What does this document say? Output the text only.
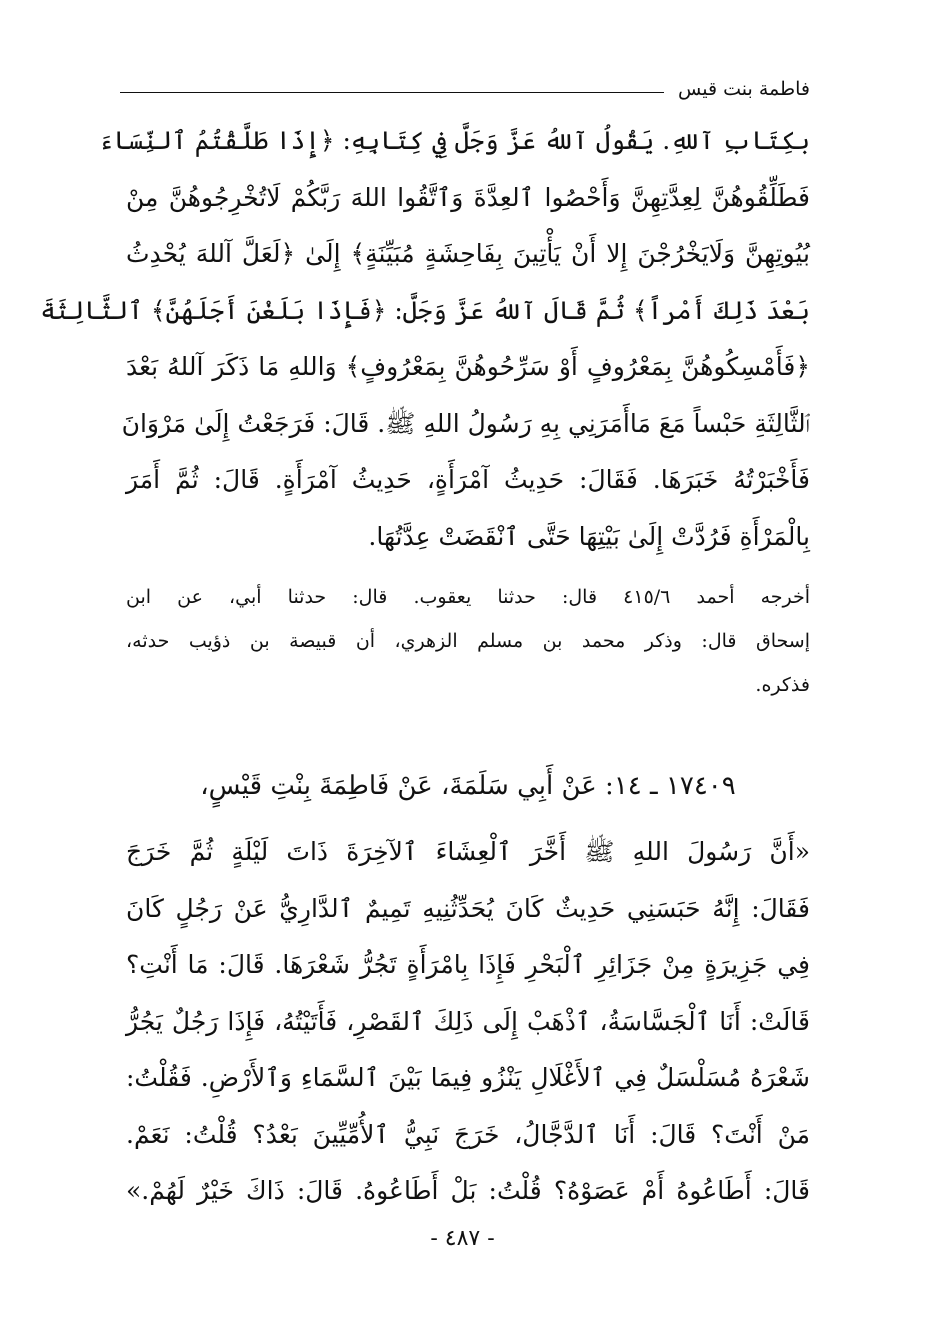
فاطمة بنت قيس
بكِتَابِ آللهِ. يَقُولُ آللهُ عَزَّ وَجَلَّ فِي كِتَابِهِ: ﴿إِذَا طَلَّقْتُمُ ٱلنِّسَاءَ
فَطَلِّقُوهُنَّ لِعِدَّتِهِنَّ وَأَحْصُوا ٱلعِدَّةَ وَٱتَّقُوا اللهَ رَبَّكُمْ لَاتُخْرِجُوهُنَّ مِنْ
بُيُوتِهِنَّ وَلَايَخْرُجْنَ إِلا أَنْ يَأْتِينَ بِفَاحِشَةٍ مُبَيِّنَةٍ﴾ إِلَىٰ ﴿لَعَلَّ آللهَ يُحْدِثُ
بَعْدَ ذَلِكَ أَمْراً﴾ ثُمَّ قَالَ آللهُ عَزَّ وَجَلَّ: ﴿فَإِذَا بَلَغْنَ أَجَلَهُنَّ﴾ ٱلثَّالِثَةَ
﴿فَأَمْسِكُوهُنَّ بِمَعْرُوفٍ أَوْ سَرِّحُوهُنَّ بِمَعْرُوفٍ﴾ وَاللهِ مَا ذَكَرَ آللهُ بَعْدَ
ٱلثَّالِثَةِ حَبْساً مَعَ مَاأَمَرَنِي بِهِ رَسُولُ اللهِ ﷺ. قَالَ: فَرَجَعْتُ إِلَىٰ مَرْوَانَ
فَأَخْبَرْتُهُ خَبَرَهَا. فَقَالَ: حَدِيثُ آمْرَأَةٍ، حَدِيثُ آمْرَأَةٍ. قَالَ: ثُمَّ أَمَرَ
بِالْمَرْأَةِ فَرُدَّتْ إِلَىٰ بَيْتِهَا حَتَّى ٱنْقَضَتْ عِدَّتُهَا.
أخرجه أحمد ٤١٥/٦ قال: حدثنا يعقوب. قال: حدثنا أبي، عن ابن
إسحاق قال: وذكر محمد بن مسلم الزهري، أن قبيصة بن ذؤيب حدثه،
فذكره.
١٧٤٠٩ ـ ١٤: عَنْ أَبِي سَلَمَةَ، عَنْ فَاطِمَةَ بِنْتِ قَيْسٍ،
«أَنَّ رَسُولَ اللهِ ﷺ أَخَّرَ ٱلْعِشَاءَ ٱلآخِرَةَ ذَاتَ لَيْلَةٍ ثُمَّ خَرَجَ
فَقَالَ: إِنَّهُ حَبَسَنِي حَدِيثٌ كَانَ يُحَدِّثُنِيهِ تَمِيمٌ ٱلدَّارِيُّ عَنْ رَجُلٍ كَانَ
فِي جَزِيرَةٍ مِنْ جَزَائِرِ ٱلْبَحْرِ فَإِذَا بِامْرَأَةٍ تَجُرُّ شَعْرَهَا. قَالَ: مَا أَنْتِ؟
قَالَتْ: أَنَا ٱلْجَسَّاسَةُ، ٱذْهَبْ إِلَى ذَلِكَ ٱلقَصْرِ، فَأَتَيْتُهُ، فَإِذَا رَجُلٌ يَجُرُّ
شَعْرَهُ مُسَلْسَلٌ فِي ٱلأَغْلَالِ يَنْزُو فِيمَا بَيْنَ ٱلسَّمَاءِ وَٱلأَرْضِ. فَقُلْتُ:
مَنْ أَنْتَ؟ قَالَ: أَنَا ٱلدَّجَّالُ، خَرَجَ نَبِيُّ ٱلأُمِّيِّينَ بَعْدُ؟ قُلْتُ: نَعَمْ.
قَالَ: أَطَاعُوهُ أَمْ عَصَوْهُ؟ قُلْتُ: بَلْ أَطَاعُوهُ. قَالَ: ذَاكَ خَيْرٌ لَهُمْ.»
- ٤٨٧ -
